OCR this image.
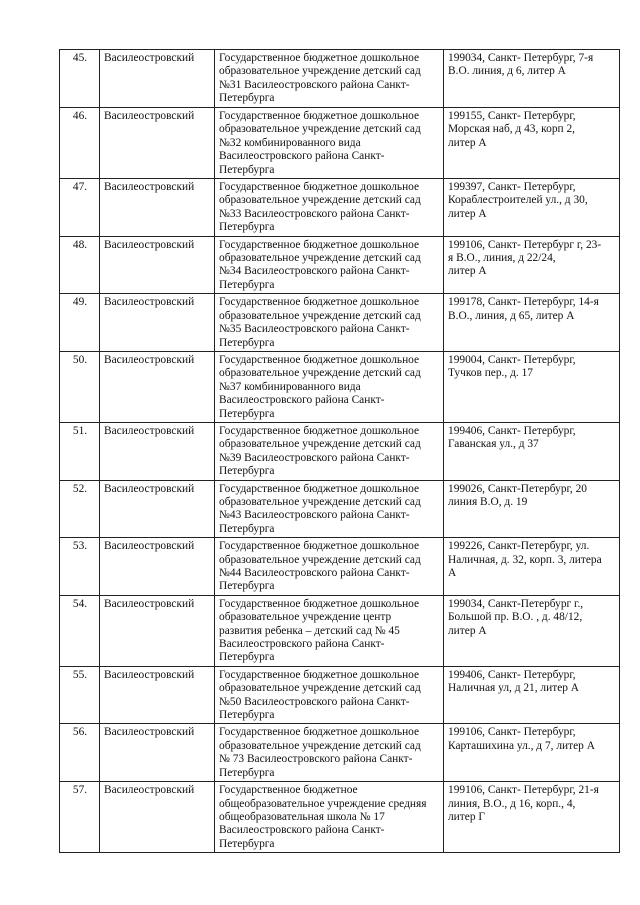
45.	Василеостровский	Государственное бюджетное дошкольное
образовательное учреждение детский сад
№31 Василеостровского района Санкт-
Петербурга	199034, Санкт- Петербург, 7-я
В.О. линия, д 6, литер А
46.	Василеостровский	Государственное бюджетное дошкольное
образовательное учреждение детский сад
№32 комбинированного вида
Василеостровского района Санкт-
Петербурга	199155, Санкт- Петербург,
Морская наб, д 43, корп 2,
литер А
47.	Василеостровский	Государственное бюджетное дошкольное
образовательное учреждение детский сад
№33 Василеостровского района Санкт-
Петербурга	199397, Санкт- Петербург,
Кораблестроителей ул., д 30,
литер А
48.	Василеостровский	Государственное бюджетное дошкольное
образовательное учреждение детский сад
№34 Василеостровского района Санкт-
Петербурга	199106, Санкт- Петербург г, 23-
я В.О., линия, д 22/24,
литер А
49.	Василеостровский	Государственное бюджетное дошкольное
образовательное учреждение детский сад
№35 Василеостровского района Санкт-
Петербурга	199178, Санкт- Петербург, 14-я
В.О., линия, д 65, литер А
50.	Василеостровский	Государственное бюджетное дошкольное
образовательное учреждение детский сад
№37 комбинированного вида
Василеостровского района Санкт-
Петербурга	199004, Санкт- Петербург,
Тучков пер., д. 17
51.	Василеостровский	Государственное бюджетное дошкольное
образовательное учреждение детский сад
№39 Василеостровского района Санкт-
Петербурга	199406, Санкт- Петербург,
Гаванская ул., д 37
52.	Василеостровский	Государственное бюджетное дошкольное
образовательное учреждение детский сад
№43 Василеостровского района Санкт-
Петербурга	199026, Санкт-Петербург, 20
линия В.О, д. 19
53.	Василеостровский	Государственное бюджетное дошкольное
образовательное учреждение детский сад
№44 Василеостровского района Санкт-
Петербурга	199226, Санкт-Петербург, ул.
Наличная, д. 32, корп. 3, литера
А
54.	Василеостровский	Государственное бюджетное дошкольное
образовательное учреждение центр
развития ребенка – детский сад № 45
Василеостровского района Санкт-
Петербурга	199034, Санкт-Петербург г.,
Большой пр. В.О. , д. 48/12,
литер А
55.	Василеостровский	Государственное бюджетное дошкольное
образовательное учреждение детский сад
№50 Василеостровского района Санкт-
Петербурга	199406, Санкт- Петербург,
Наличная ул, д 21, литер А
56.	Василеостровский	Государственное бюджетное дошкольное
образовательное учреждение детский сад
№ 73 Василеостровского района Санкт-
Петербурга	199106, Санкт- Петербург,
Карташихина ул., д 7, литер А
57.	Василеостровский	Государственное бюджетное
общеобразовательное учреждение средняя
общеобразовательная школа № 17
Василеостровского района Санкт-
Петербурга	199106, Санкт- Петербург, 21-я
линия, В.О., д 16, корп., 4,
литер Г
